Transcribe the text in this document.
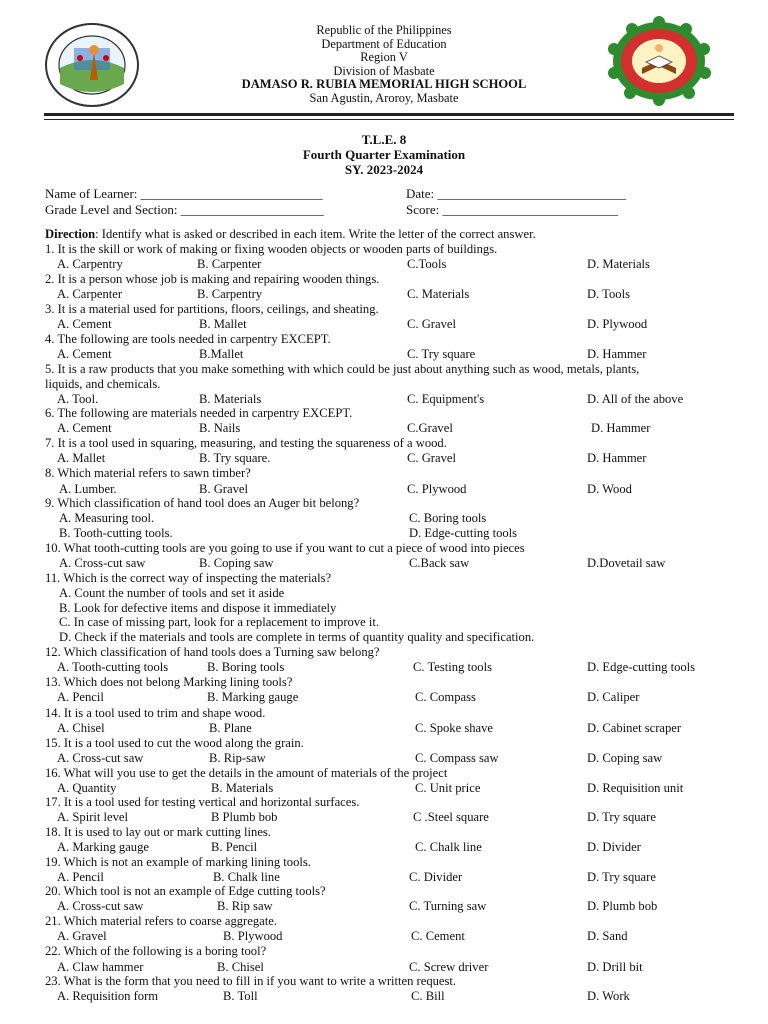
Republic of the Philippines
Department of Education
Region V
Division of Masbate
DAMASO R. RUBIA MEMORIAL HIGH SCHOOL
San Agustin, Aroroy, Masbate
T.L.E. 8
Fourth Quarter Examination
SY. 2023-2024
Name of Learner: ____________________________	Date: _____________________________
Grade Level and Section: ______________________	Score: ___________________________
Direction: Identify what is asked or described in each item. Write the letter of the correct answer.
1. It is the skill or work of making or fixing wooden objects or wooden parts of buildings.
A. Carpentry	B. Carpenter	C.Tools	D. Materials
2. It is a person whose job is making and repairing wooden things.
A. Carpenter	B. Carpentry	C. Materials	D. Tools
3. It is a material used for partitions, floors, ceilings, and sheating.
A. Cement	B. Mallet	C. Gravel	D. Plywood
4. The following are tools needed in carpentry EXCEPT.
A. Cement	B.Mallet	C. Try square	D. Hammer
5. It is a raw products that you make something with which could be just about anything such as wood, metals, plants,
liquids, and chemicals.
A. Tool.	B. Materials	C. Equipment's	D. All of the above
6. The following are materials needed in carpentry EXCEPT.
A. Cement	B. Nails	C.Gravel	D. Hammer
7. It is a tool used in squaring, measuring, and testing the squareness of a wood.
A. Mallet	B. Try square.	C. Gravel	D. Hammer
8. Which material refers to sawn timber?
A. Lumber.	B. Gravel	C. Plywood	D. Wood
9. Which classification of hand tool does an Auger bit belong?
A. Measuring tool.	C. Boring tools
B. Tooth-cutting tools.	D. Edge-cutting tools
10. What tooth-cutting tools are you going to use if you want to cut a piece of wood into pieces
A. Cross-cut saw	B. Coping saw	C.Back saw	D.Dovetail saw
11. Which is the correct way of inspecting the materials?
A. Count the number of tools and set it aside
B. Look for defective items and dispose it immediately
C. In case of missing part, look for a replacement to improve it.
D. Check if the materials and tools are complete in terms of quantity quality and specification.
12. Which classification of hand tools does a Turning saw belong?
A. Tooth-cutting tools	B. Boring tools	C. Testing tools	D. Edge-cutting tools
13. Which does not belong Marking lining tools?
A. Pencil	B. Marking gauge	C. Compass	D. Caliper
14. It is a tool used to trim and shape wood.
A. Chisel	B. Plane	C. Spoke shave	D. Cabinet scraper
15. It is a tool used to cut the wood along the grain.
A. Cross-cut saw	B. Rip-saw	C. Compass saw	D. Coping saw
16. What will you use to get the details in the amount of materials of the project
A. Quantity	B. Materials	C. Unit price	D. Requisition unit
17. It is a tool used for testing vertical and horizontal surfaces.
A. Spirit level	B Plumb bob	C .Steel square	D. Try square
18. It is used to lay out or mark cutting lines.
A. Marking gauge	B. Pencil	C. Chalk line	D. Divider
19. Which is not an example of marking lining tools.
A. Pencil	B. Chalk line	C. Divider	D. Try square
20. Which tool is not an example of Edge cutting tools?
A. Cross-cut saw	B. Rip saw	C. Turning saw	D. Plumb bob
21. Which material refers to coarse aggregate.
A. Gravel	B. Plywood	C. Cement	D. Sand
22. Which of the following is a boring tool?
A. Claw hammer	B. Chisel	C. Screw driver	D. Drill bit
23. What is the form that you need to fill in if you want to write a written request.
A. Requisition form	B. Toll	C. Bill	D. Work
